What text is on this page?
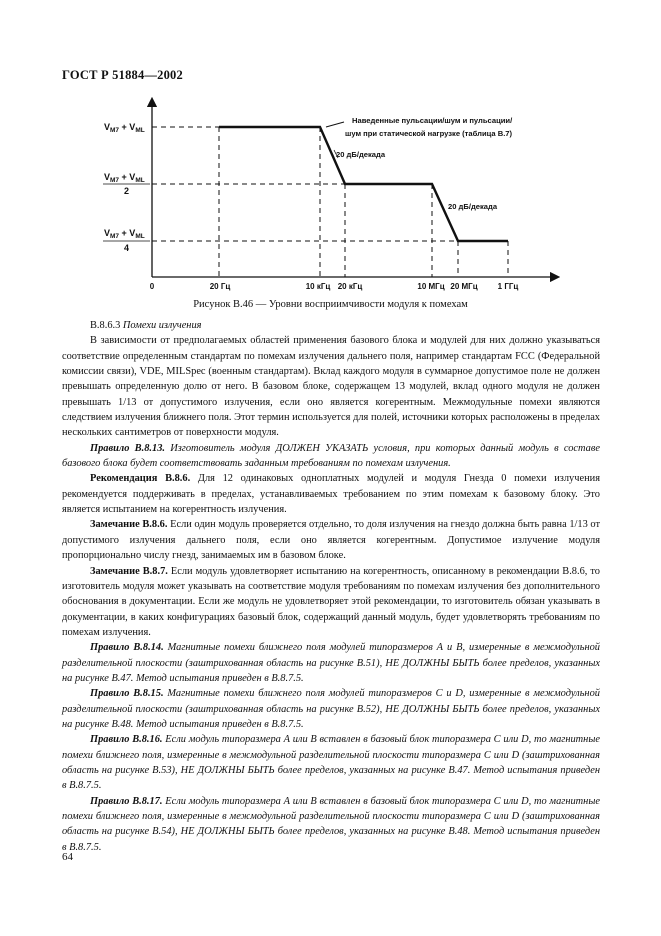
ГОСТ Р 51884—2002
$V_{M7} + V_{ML}$
$V_{M7} + V_{ML}$
2
$V_{M7} + V_{ML}$
4
0	20 Гц	10 кГц 20 кГц	10 МГц 20 МГц	1 ГГц
Наведенные пульсации/шум и пульсации/
шум при статической нагрузке (таблица В.7)
20 дБ/декада
20 дБ/декада
Рисунок В.46 — Уровни восприимчивости модуля к помехам

В.8.6.3 Помехи излучения

В зависимости от предполагаемых областей применения базового блока и модулей для них должно указываться соответствие определенным стандартам по помехам излучения дальнего поля, например стандартам FCC (Федеральной комиссии связи), VDE, MILSpec (военным стандартам). Вклад каждого модуля в суммарное допустимое поле не должен превышать определенную долю от него. В базовом блоке, содержащем 13 модулей, вклад одного модуля не должен превышать 1/13 от допустимого излучения, если оно является когерентным. Межмодульные помехи являются следствием излучения ближнего поля. Этот термин используется для полей, источники которых расположены в пределах нескольких сантиметров от поверхности модуля.

Правило В.8.13. Изготовитель модуля ДОЛЖЕН УКАЗАТЬ условия, при которых данный модуль в составе базового блока будет соответствовать заданным требованиям по помехам излучения.

Рекомендация В.8.6. Для 12 одинаковых одноплатных модулей и модуля Гнезда 0 помехи излучения рекомендуется поддерживать в пределах, устанавливаемых требованием по этим помехам к базовому блоку. Это является испытанием на когерентность излучения.

Замечание В.8.6. Если один модуль проверяется отдельно, то доля излучения на гнездо должна быть равна 1/13 от допустимого излучения дальнего поля, если оно является когерентным. Допустимое излучение модуля пропорционально числу гнезд, занимаемых им в базовом блоке.

Замечание В.8.7. Если модуль удовлетворяет испытанию на когерентность, описанному в рекомендации В.8.6, то изготовитель модуля может указывать на соответствие модуля требованиям по помехам излучения без дополнительного обоснования в документации. Если же модуль не удовлетворяет этой рекомендации, то изготовитель обязан указывать в документации, в каких конфигурациях базовый блок, содержащий данный модуль, будет удовлетворять требованиям по помехам излучения.

Правило В.8.14. Магнитные помехи ближнего поля модулей типоразмеров А и В, измеренные в межмодульной разделительной плоскости (заштрихованная область на рисунке В.51), НЕ ДОЛЖНЫ БЫТЬ более пределов, указанных на рисунке В.47. Метод испытания приведен в В.8.7.5.

Правило В.8.15. Магнитные помехи ближнего поля модулей типоразмеров С и D, измеренные в межмодульной разделительной плоскости (заштрихованная область на рисунке В.52), НЕ ДОЛЖНЫ БЫТЬ более пределов, указанных на рисунке В.48. Метод испытания приведен в В.8.7.5.

Правило В.8.16. Если модуль типоразмера А или В вставлен в базовый блок типоразмера С или D, то магнитные помехи ближнего поля, измеренные в межмодульной разделительной плоскости типоразмера С или D (заштрихованная область на рисунке В.53), НЕ ДОЛЖНЫ БЫТЬ более пределов, указанных на рисунке В.47. Метод испытания приведен в В.8.7.5.

Правило В.8.17. Если модуль типоразмера А или В вставлен в базовый блок типоразмера С или D, то магнитные помехи ближнего поля, измеренные в межмодульной разделительной плоскости типоразмера С или D (заштрихованная область на рисунке В.54), НЕ ДОЛЖНЫ БЫТЬ более пределов, указанных на рисунке В.48. Метод испытания приведен в В.8.7.5.

64
